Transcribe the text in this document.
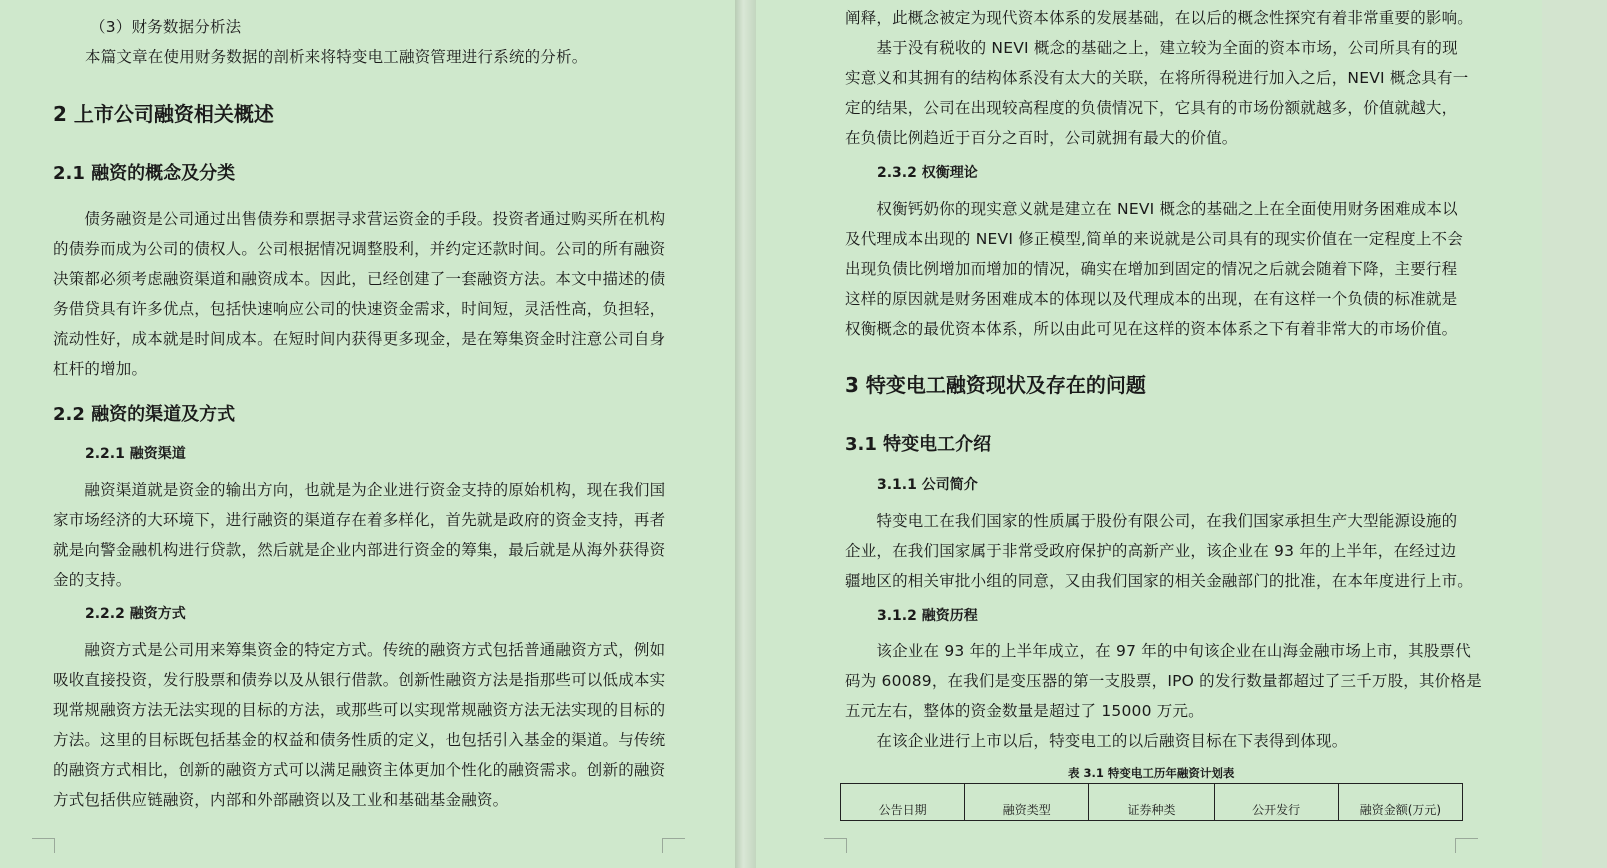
（3）财务数据分析法

本篇文章在使用财务数据的剖析来将特变电工融资管理进行系统的分析。

2 上市公司融资相关概述
2.1 融资的概念及分类

　　债务融资是公司通过出售债券和票据寻求营运资金的手段。投资者通过购买所在机构
的债券而成为公司的债权人。公司根据情况调整股利，并约定还款时间。公司的所有融资
决策都必须考虑融资渠道和融资成本。因此，已经创建了一套融资方法。本文中描述的债
务借贷具有许多优点，包括快速响应公司的快速资金需求，时间短，灵活性高，负担轻，
流动性好，成本就是时间成本。在短时间内获得更多现金，是在筹集资金时注意公司自身
杠杆的增加。

2.2 融资的渠道及方式
2.2.1 融资渠道

　　融资渠道就是资金的输出方向，也就是为企业进行资金支持的原始机构，现在我们国
家市场经济的大环境下，进行融资的渠道存在着多样化，首先就是政府的资金支持，再者
就是向警金融机构进行贷款，然后就是企业内部进行资金的筹集，最后就是从海外获得资
金的支持。

2.2.2 融资方式

　　融资方式是公司用来筹集资金的特定方式。传统的融资方式包括普通融资方式，例如
吸收直接投资，发行股票和债券以及从银行借款。创新性融资方法是指那些可以低成本实
现常规融资方法无法实现的目标的方法，或那些可以实现常规融资方法无法实现的目标的
方法。这里的目标既包括基金的权益和债务性质的定义，也包括引入基金的渠道。与传统
的融资方式相比，创新的融资方式可以满足融资主体更加个性化的融资需求。创新的融资
方式包括供应链融资，内部和外部融资以及工业和基础基金融资。

阐释，此概念被定为现代资本体系的发展基础，在以后的概念性探究有着非常重要的影响。

　　基于没有税收的 NEVI 概念的基础之上，建立较为全面的资本市场，公司所具有的现
实意义和其拥有的结构体系没有太大的关联，在将所得税进行加入之后，NEVI 概念具有一
定的结果，公司在出现较高程度的负债情况下，它具有的市场份额就越多，价值就越大，
在负债比例趋近于百分之百时，公司就拥有最大的价值。

2.3.2 权衡理论

　　权衡钙奶你的现实意义就是建立在 NEVI 概念的基础之上在全面使用财务困难成本以
及代理成本出现的 NEVI 修正模型,简单的来说就是公司具有的现实价值在一定程度上不会
出现负债比例增加而增加的情况，确实在增加到固定的情况之后就会随着下降，主要行程
这样的原因就是财务困难成本的体现以及代理成本的出现，在有这样一个负债的标准就是
权衡概念的最优资本体系，所以由此可见在这样的资本体系之下有着非常大的市场价值。

3 特变电工融资现状及存在的问题
3.1 特变电工介绍
3.1.1 公司简介

　　特变电工在我们国家的性质属于股份有限公司，在我们国家承担生产大型能源设施的
企业，在我们国家属于非常受政府保护的高新产业，该企业在 93 年的上半年，在经过边
疆地区的相关审批小组的同意，又由我们国家的相关金融部门的批准，在本年度进行上市。

3.1.2 融资历程

　　该企业在 93 年的上半年成立，在 97 年的中旬该企业在山海金融市场上市，其股票代
码为 60089，在我们是变压器的第一支股票，IPO 的发行数量都超过了三千万股，其价格是
五元左右，整体的资金数量是超过了 15000 万元。

　　在该企业进行上市以后，特变电工的以后融资目标在下表得到体现。

表 3.1 特变电工历年融资计划表
公告日期	融资类型	证券种类	公开发行	融资金额(万元)
